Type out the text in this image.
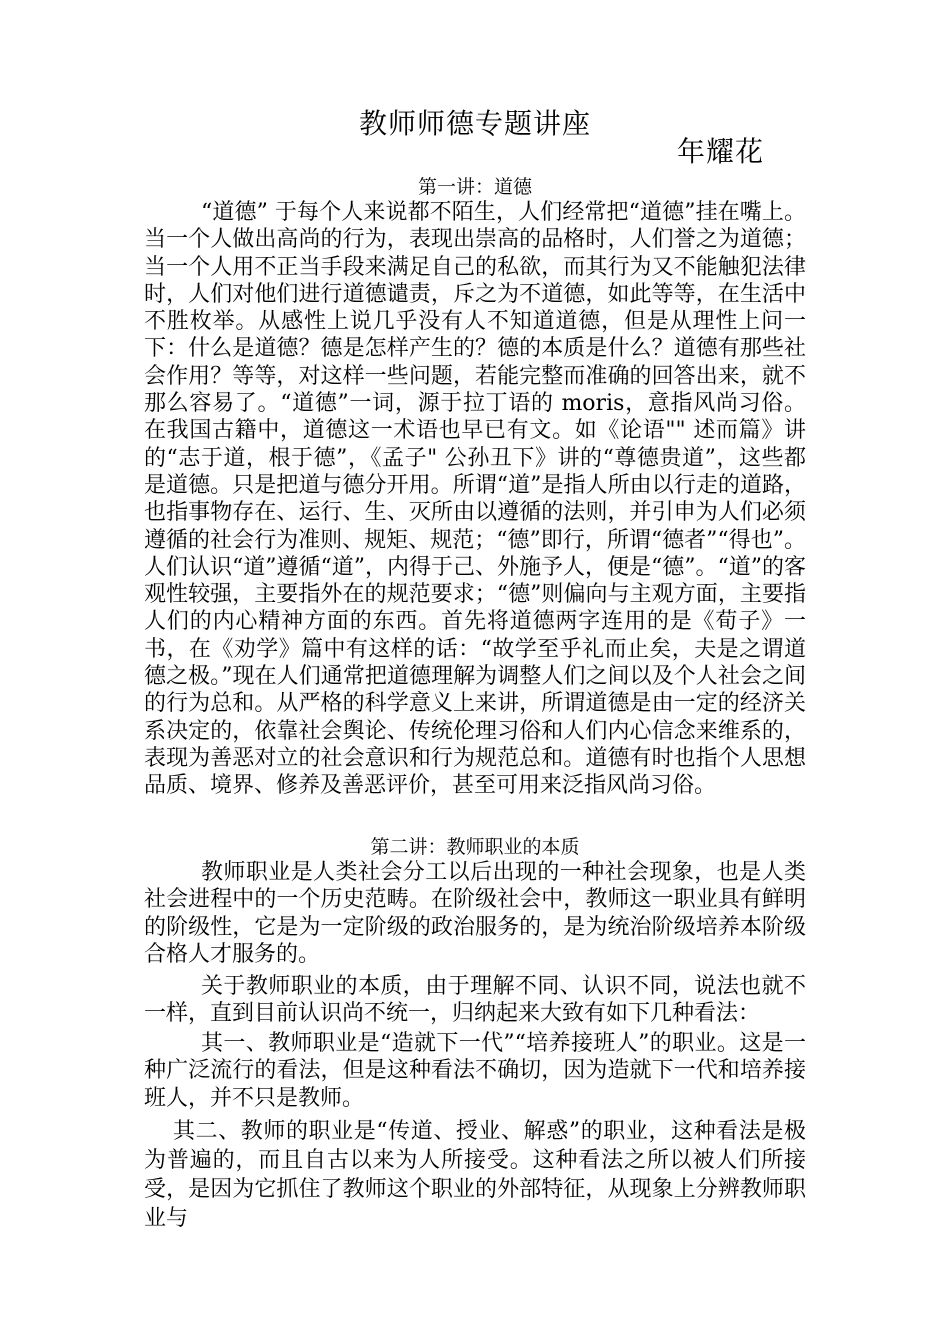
教师师德专题讲座
年耀花
第一讲：道德
“道德” 于每个人来说都不陌生，人们经常把“道德”挂在嘴上。当一个人做出高尚的行为，表现出崇高的品格时，人们誉之为道德；当一个人用不正当手段来满足自己的私欲，而其行为又不能触犯法律时，人们对他们进行道德谴责，斥之为不道德，如此等等，在生活中不胜枚举。从感性上说几乎没有人不知道道德，但是从理性上问一下：什么是道德？德是怎样产生的？德的本质是什么？道德有那些社会作用？等等，对这样一些问题，若能完整而准确的回答出来，就不那么容易了。“道德”一词，源于拉丁语的 moris，意指风尚习俗。在我国古籍中，道德这一术语也早已有文。如《论语"" 述而篇》讲的“志于道，根于德”，《孟子" 公孙丑下》讲的“尊德贵道”，这些都是道德。只是把道与德分开用。所谓“道”是指人所由以行走的道路，也指事物存在、运行、生、灭所由以遵循的法则，并引申为人们必须遵循的社会行为准则、规矩、规范；“德”即行，所谓“德者”“得也”。人们认识“道”遵循“道”，内得于己、外施予人，便是“德”。“道”的客观性较强，主要指外在的规范要求；“德”则偏向与主观方面，主要指人们的内心精神方面的东西。首先将道德两字连用的是《荀子》一书，在《劝学》篇中有这样的话：“故学至乎礼而止矣，夫是之谓道德之极。”现在人们通常把道德理解为调整人们之间以及个人社会之间的行为总和。从严格的科学意义上来讲，所谓道德是由一定的经济关系决定的，依靠社会舆论、传统伦理习俗和人们内心信念来维系的，表现为善恶对立的社会意识和行为规范总和。道德有时也指个人思想品质、境界、修养及善恶评价，甚至可用来泛指风尚习俗。
第二讲：教师职业的本质
教师职业是人类社会分工以后出现的一种社会现象，也是人类社会进程中的一个历史范畴。在阶级社会中，教师这一职业具有鲜明的阶级性，它是为一定阶级的政治服务的，是为统治阶级培养本阶级合格人才服务的。
关于教师职业的本质，由于理解不同、认识不同，说法也就不一样，直到目前认识尚不统一，归纳起来大致有如下几种看法：
其一、教师职业是“造就下一代”“培养接班人”的职业。这是一种广泛流行的看法，但是这种看法不确切，因为造就下一代和培养接班人，并不只是教师。
其二、教师的职业是“传道、授业、解惑”的职业，这种看法是极为普遍的，而且自古以来为人所接受。这种看法之所以被人们所接受，是因为它抓住了教师这个职业的外部特征，从现象上分辨教师职业与
